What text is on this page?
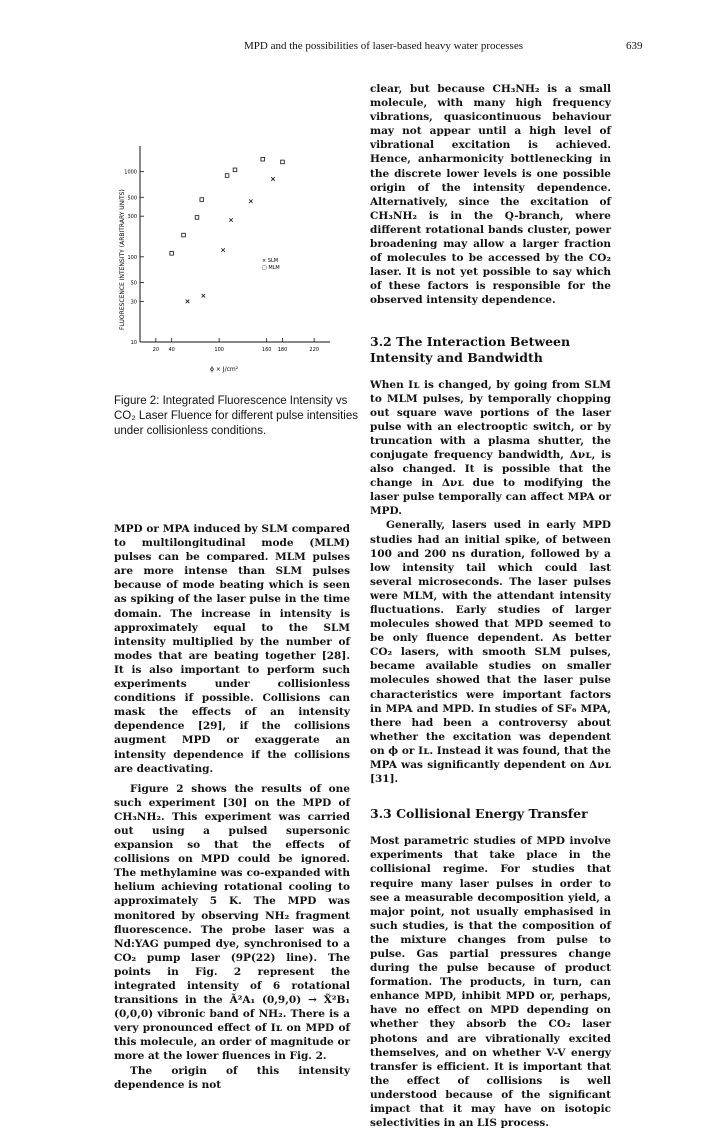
MPD and the possibilities of laser-based heavy water processes	639
1000
500
300
100
50
30
10
20 40	100	160 180	220
× SLM
□ MLM
FLUORESCENCE INTENSITY (ARBITRARY UNITS)
ϕ × J/cm²
Figure 2: Integrated Fluorescence Intensity vs CO₂ Laser Fluence for different pulse intensities under collisionless conditions.

MPD or MPA induced by SLM compared to multilongitudinal mode (MLM) pulses can be compared. MLM pulses are more intense than SLM pulses because of mode beating which is seen as spiking of the laser pulse in the time domain. The increase in intensity is approximately equal to the SLM intensity multiplied by the number of modes that are beating together [28]. It is also important to perform such experiments under collisionless conditions if possible. Collisions can mask the effects of an intensity dependence [29], if the collisions augment MPD or exaggerate an intensity dependence if the collisions are deactivating.

Figure 2 shows the results of one such experiment [30] on the MPD of CH₃NH₂. This experiment was carried out using a pulsed supersonic expansion so that the effects of collisions on MPD could be ignored. The methylamine was co-expanded with helium achieving rotational cooling to approximately 5 K. The MPD was monitored by observing NH₂ fragment fluorescence. The probe laser was a Nd:YAG pumped dye, synchronised to a CO₂ pump laser (9P(22) line). The points in Fig. 2 represent the integrated intensity of 6 rotational transitions in the Ã²A₁ (0,9,0) → X̃²B₁ (0,0,0) vibronic band of NH₂. There is a very pronounced effect of Iʟ on MPD of this molecule, an order of magnitude or more at the lower fluences in Fig. 2.

The origin of this intensity dependence is not

clear, but because CH₃NH₂ is a small molecule, with many high frequency vibrations, quasicontinuous behaviour may not appear until a high level of vibrational excitation is achieved. Hence, anharmonicity bottlenecking in the discrete lower levels is one possible origin of the intensity dependence. Alternatively, since the excitation of CH₃NH₂ is in the Q-branch, where different rotational bands cluster, power broadening may allow a larger fraction of molecules to be accessed by the CO₂ laser. It is not yet possible to say which of these factors is responsible for the observed intensity dependence.

3.2 The Interaction Between Intensity and Bandwidth

When Iʟ is changed, by going from SLM to MLM pulses, by temporally chopping out square wave portions of the laser pulse with an electrooptic switch, or by truncation with a plasma shutter, the conjugate frequency bandwidth, Δνʟ, is also changed. It is possible that the change in Δνʟ due to modifying the laser pulse temporally can affect MPA or MPD.

Generally, lasers used in early MPD studies had an initial spike, of between 100 and 200 ns duration, followed by a low intensity tail which could last several microseconds. The laser pulses were MLM, with the attendant intensity fluctuations. Early studies of larger molecules showed that MPD seemed to be only fluence dependent. As better CO₂ lasers, with smooth SLM pulses, became available studies on smaller molecules showed that the laser pulse characteristics were important factors in MPA and MPD. In studies of SF₆ MPA, there had been a controversy about whether the excitation was dependent on ϕ or Iʟ. Instead it was found, that the MPA was significantly dependent on Δνʟ [31].

3.3 Collisional Energy Transfer

Most parametric studies of MPD involve experiments that take place in the collisional regime. For studies that require many laser pulses in order to see a measurable decomposition yield, a major point, not usually emphasised in such studies, is that the composition of the mixture changes from pulse to pulse. Gas partial pressures change during the pulse because of product formation. The products, in turn, can enhance MPD, inhibit MPD or, perhaps, have no effect on MPD depending on whether they absorb the CO₂ laser photons and are vibrationally excited themselves, and on whether V-V energy transfer is efficient. It is important that the effect of collisions is well understood because of the significant impact that it may have on isotopic selectivities in an LIS process.
